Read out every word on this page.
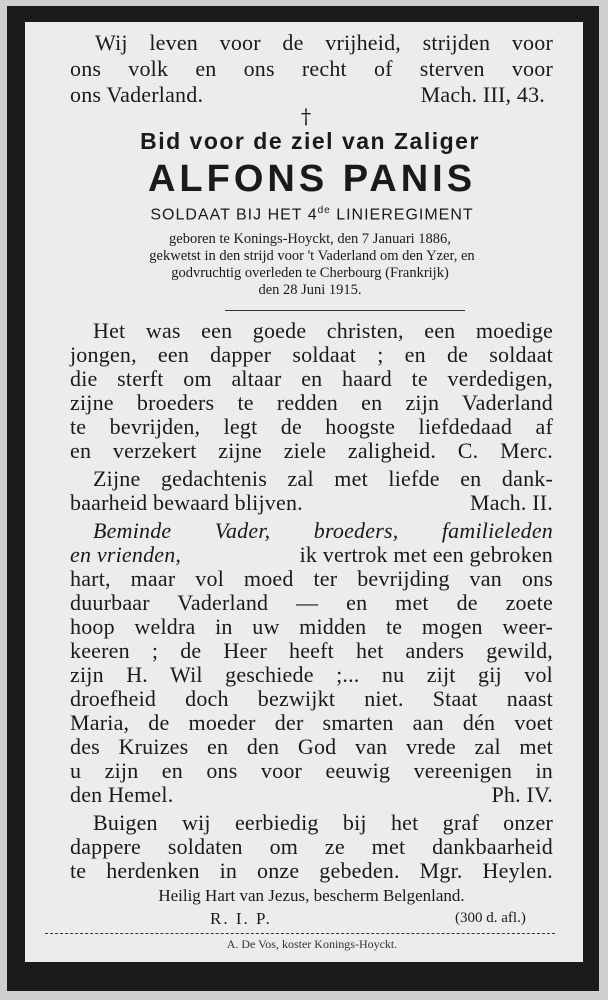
Wij leven voor de vrijheid, strijden voor
ons volk en ons recht of sterven voor
ons Vaderland.	Mach. III, 43.
†
Bid voor de ziel van Zaliger
ALFONS PANIS
SOLDAAT BIJ HET 4de LINIEREGIMENT
geboren te Konings-Hoyckt, den 7 Januari 1886,
gekwetst in den strijd voor 't Vaderland om den Yzer, en
godvruchtig overleden te Cherbourg (Frankrijk)
den 28 Juni 1915.
Het was een goede christen, een moedige
jongen, een dapper soldaat ; en de soldaat
die sterft om altaar en haard te verdedigen,
zijne broeders te redden en zijn Vaderland
te bevrijden, legt de hoogste liefdedaad af
en verzekert zijne ziele zaligheid. C. Merc.
Zijne gedachtenis zal met liefde en dank-
baarheid bewaard blijven.	Mach. II.
Beminde Vader, broeders, familieleden
en vrienden,	ik vertrok met een gebroken
hart, maar vol moed ter bevrijding van ons
duurbaar Vaderland — en met de zoete
hoop weldra in uw midden te mogen weer-
keeren ; de Heer heeft het anders gewild,
zijn H. Wil geschiede ;... nu zijt gij vol
droefheid doch bezwijkt niet. Staat naast
Maria, de moeder der smarten aan dén voet
des Kruizes en den God van vrede zal met
u zijn en ons voor eeuwig vereenigen in
den Hemel.	Ph. IV.
Buigen wij eerbiedig bij het graf onzer
dappere soldaten om ze met dankbaarheid
te herdenken in onze gebeden. Mgr. Heylen.
Heilig Hart van Jezus, bescherm Belgenland.
R. I. P.	(300 d. afl.)
A. De Vos, koster Konings-Hoyckt.
